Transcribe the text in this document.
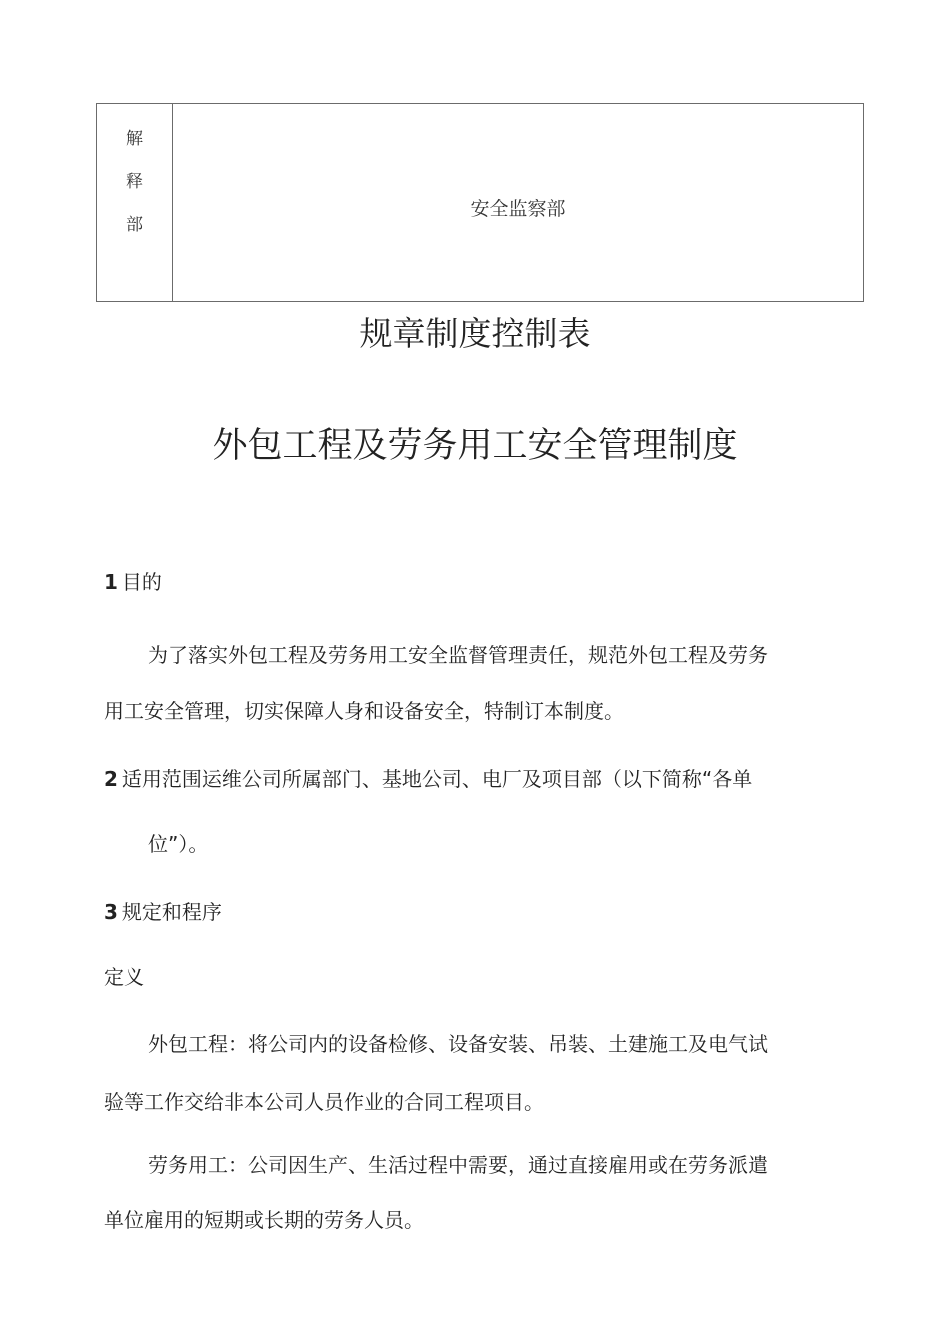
解
释
部
安全监察部
规章制度控制表
外包工程及劳务用工安全管理制度
1 目的
为了落实外包工程及劳务用工安全监督管理责任，规范外包工程及劳务
用工安全管理，切实保障人身和设备安全，特制订本制度。
2 适用范围运维公司所属部门、基地公司、电厂及项目部（以下简称“各单
位”）。
3 规定和程序
定义
外包工程：将公司内的设备检修、设备安装、吊装、土建施工及电气试
验等工作交给非本公司人员作业的合同工程项目。
劳务用工：公司因生产、生活过程中需要，通过直接雇用或在劳务派遣
单位雇用的短期或长期的劳务人员。
